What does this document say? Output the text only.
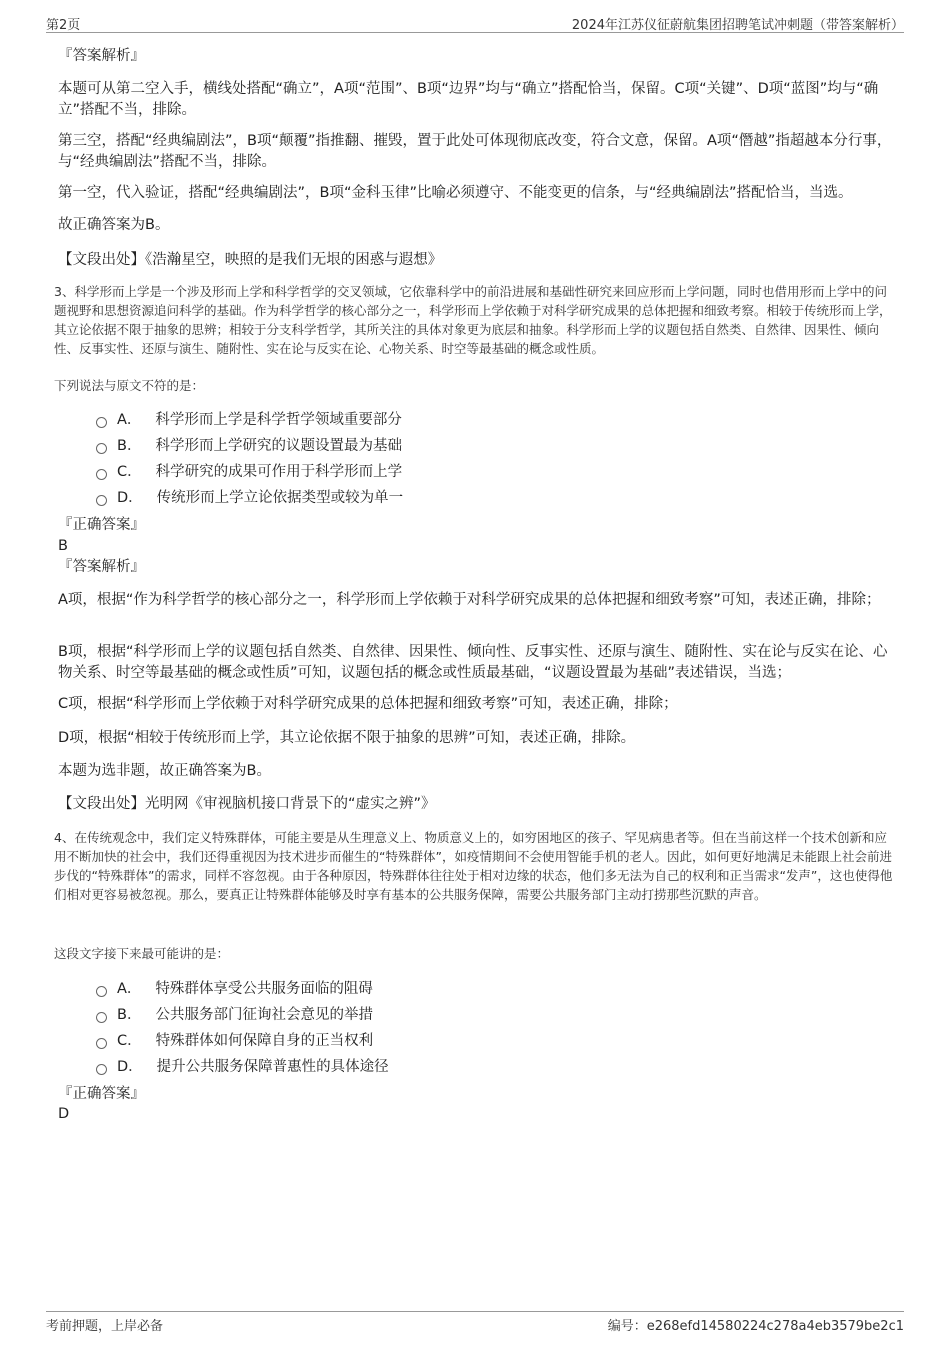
第2页	2024年江苏仪征蔚航集团招聘笔试冲刺题（带答案解析）
『答案解析』
本题可从第二空入手，横线处搭配“确立”，A项“范围”、B项“边界”均与“确立”搭配恰当，保留。C项“关键”、D项“蓝图”均与“确立”搭配不当，排除。
第三空，搭配“经典编剧法”，B项“颠覆”指推翻、摧毁，置于此处可体现彻底改变，符合文意，保留。A项“僭越”指超越本分行事，与“经典编剧法”搭配不当，排除。
第一空，代入验证，搭配“经典编剧法”，B项“金科玉律”比喻必须遵守、不能变更的信条，与“经典编剧法”搭配恰当，当选。
故正确答案为B。
【文段出处】《浩瀚星空，映照的是我们无垠的困惑与遐想》
3、科学形而上学是一个涉及形而上学和科学哲学的交叉领域，它依靠科学中的前沿进展和基础性研究来回应形而上学问题，同时也借用形而上学中的问题视野和思想资源追问科学的基础。作为科学哲学的核心部分之一，科学形而上学依赖于对科学研究成果的总体把握和细致考察。相较于传统形而上学，其立论依据不限于抽象的思辨；相较于分支科学哲学，其所关注的具体对象更为底层和抽象。科学形而上学的议题包括自然类、自然律、因果性、倾向性、反事实性、还原与演生、随附性、实在论与反实在论、心物关系、时空等最基础的概念或性质。
下列说法与原文不符的是：
A． 科学形而上学是科学哲学领域重要部分
B． 科学形而上学研究的议题设置最为基础
C． 科学研究的成果可作用于科学形而上学
D． 传统形而上学立论依据类型或较为单一
『正确答案』
B
『答案解析』
A项，根据“作为科学哲学的核心部分之一，科学形而上学依赖于对科学研究成果的总体把握和细致考察”可知，表述正确，排除；
B项，根据“科学形而上学的议题包括自然类、自然律、因果性、倾向性、反事实性、还原与演生、随附性、实在论与反实在论、心物关系、时空等最基础的概念或性质”可知，议题包括的概念或性质最基础，“议题设置最为基础”表述错误，当选；
C项，根据“科学形而上学依赖于对科学研究成果的总体把握和细致考察”可知，表述正确，排除；
D项，根据“相较于传统形而上学，其立论依据不限于抽象的思辨”可知，表述正确，排除。
本题为选非题，故正确答案为B。
【文段出处】光明网《审视脑机接口背景下的“虚实之辨”》
4、在传统观念中，我们定义特殊群体，可能主要是从生理意义上、物质意义上的，如穷困地区的孩子、罕见病患者等。但在当前这样一个技术创新和应用不断加快的社会中，我们还得重视因为技术进步而催生的“特殊群体”，如疫情期间不会使用智能手机的老人。因此，如何更好地满足未能跟上社会前进步伐的“特殊群体”的需求，同样不容忽视。由于各种原因，特殊群体往往处于相对边缘的状态，他们多无法为自己的权利和正当需求“发声”，这也使得他们相对更容易被忽视。那么，要真正让特殊群体能够及时享有基本的公共服务保障，需要公共服务部门主动打捞那些沉默的声音。
这段文字接下来最可能讲的是：
A． 特殊群体享受公共服务面临的阻碍
B． 公共服务部门征询社会意见的举措
C． 特殊群体如何保障自身的正当权利
D． 提升公共服务保障普惠性的具体途径
『正确答案』
D
考前押题，上岸必备	编号：e268efd14580224c278a4eb3579be2c1
